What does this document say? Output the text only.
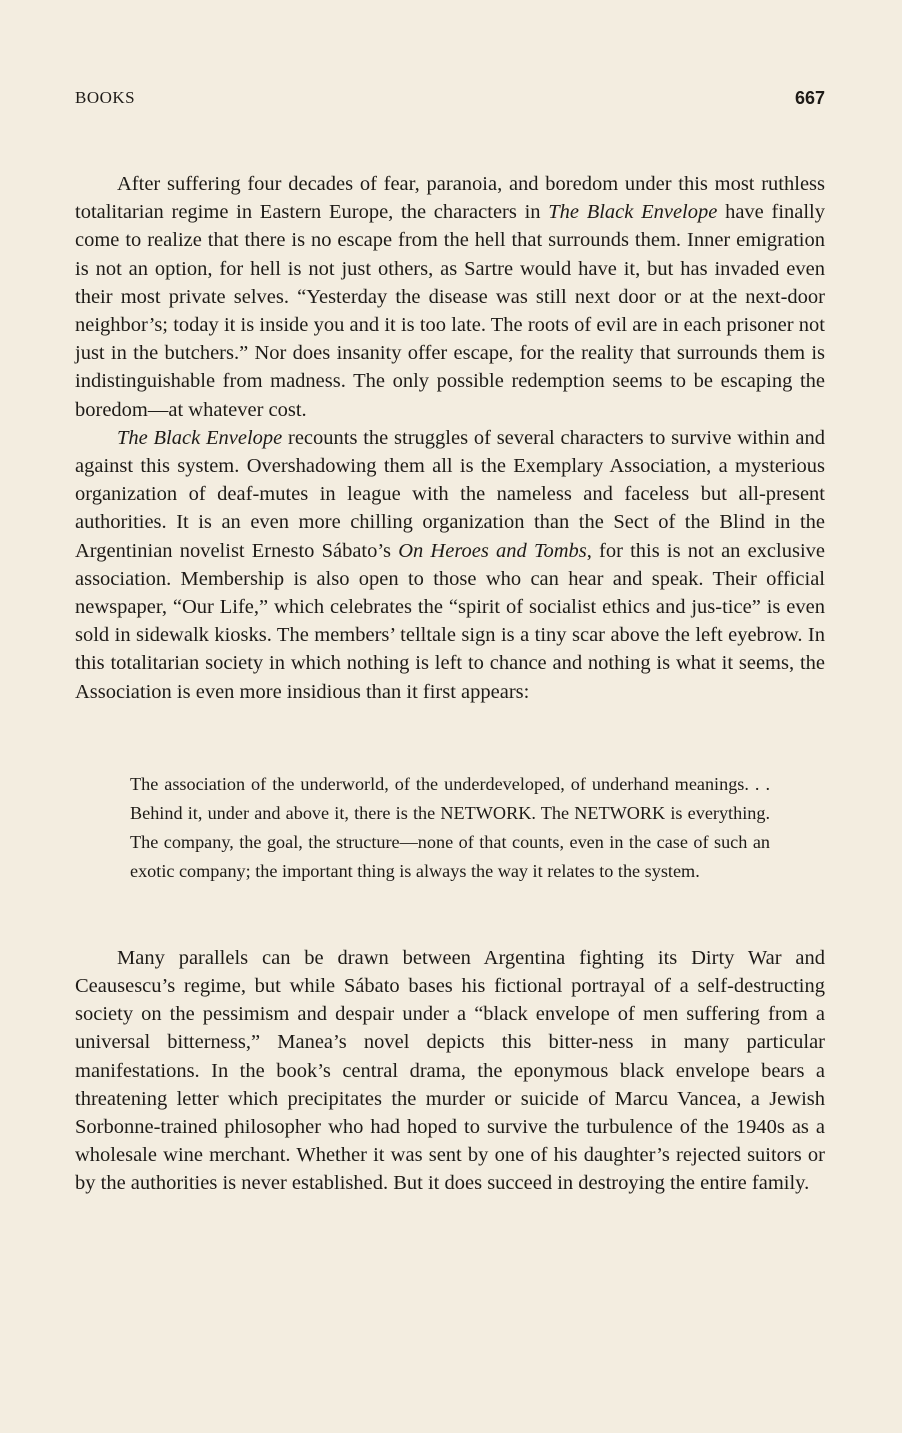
BOOKS	667

After suffering four decades of fear, paranoia, and boredom under this most ruthless totalitarian regime in Eastern Europe, the characters in The Black Envelope have finally come to realize that there is no escape from the hell that surrounds them. Inner emigration is not an option, for hell is not just others, as Sartre would have it, but has invaded even their most private selves. “Yesterday the disease was still next door or at the next-door neighbor’s; today it is inside you and it is too late. The roots of evil are in each prisoner not just in the butchers.” Nor does insanity offer escape, for the reality that surrounds them is indistinguishable from madness. The only possible redemption seems to be escaping the boredom—at whatever cost.

The Black Envelope recounts the struggles of several characters to survive within and against this system. Overshadowing them all is the Exemplary Association, a mysterious organization of deaf-mutes in league with the nameless and faceless but all-present authorities. It is an even more chilling organization than the Sect of the Blind in the Argentinian novelist Ernesto Sábato’s On Heroes and Tombs, for this is not an exclusive association. Membership is also open to those who can hear and speak. Their official newspaper, “Our Life,” which celebrates the “spirit of socialist ethics and jus-tice” is even sold in sidewalk kiosks. The members’ telltale sign is a tiny scar above the left eyebrow. In this totalitarian society in which nothing is left to chance and nothing is what it seems, the Association is even more insidious than it first appears:

The association of the underworld, of the underdeveloped, of underhand meanings. . . Behind it, under and above it, there is the NETWORK. The NETWORK is everything. The company, the goal, the structure—none of that counts, even in the case of such an exotic company; the important thing is always the way it relates to the system.

Many parallels can be drawn between Argentina fighting its Dirty War and Ceausescu’s regime, but while Sábato bases his fictional portrayal of a self-destructing society on the pessimism and despair under a “black envelope of men suffering from a universal bitterness,” Manea’s novel depicts this bitter-ness in many particular manifestations. In the book’s central drama, the eponymous black envelope bears a threatening letter which precipitates the murder or suicide of Marcu Vancea, a Jewish Sorbonne-trained philosopher who had hoped to survive the turbulence of the 1940s as a wholesale wine merchant. Whether it was sent by one of his daughter’s rejected suitors or by the authorities is never established. But it does succeed in destroying the entire family.
